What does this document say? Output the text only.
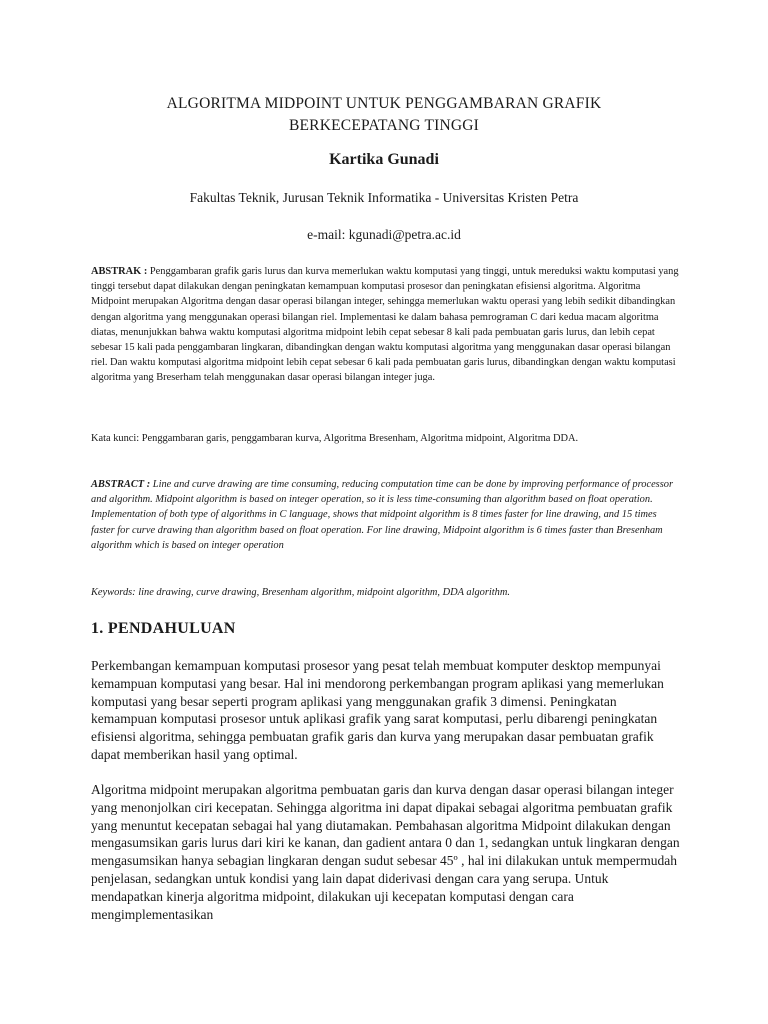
ALGORITMA MIDPOINT UNTUK PENGGAMBARAN GRAFIK
BERKECEPATANG TINGGI
Kartika Gunadi
Fakultas Teknik, Jurusan Teknik Informatika - Universitas Kristen Petra
e-mail: kgunadi@petra.ac.id
ABSTRAK : Penggambaran grafik garis lurus dan kurva memerlukan waktu komputasi yang tinggi, untuk mereduksi waktu komputasi yang tinggi tersebut dapat dilakukan dengan peningkatan kemampuan komputasi prosesor dan peningkatan efisiensi algoritma. Algoritma Midpoint merupakan Algoritma dengan dasar operasi bilangan integer, sehingga memerlukan waktu operasi yang lebih sedikit dibandingkan dengan algoritma yang menggunakan operasi bilangan riel. Implementasi ke dalam bahasa pemrograman C dari kedua macam algoritma diatas, menunjukkan bahwa waktu komputasi algoritma midpoint lebih cepat sebesar 8 kali pada pembuatan garis lurus, dan lebih cepat sebesar 15 kali pada penggambaran lingkaran, dibandingkan dengan waktu komputasi algoritma yang menggunakan dasar operasi bilangan riel. Dan waktu komputasi algoritma midpoint lebih cepat sebesar 6 kali pada pembuatan garis lurus, dibandingkan dengan waktu komputasi algoritma yang Breserham telah menggunakan dasar operasi bilangan integer juga.
Kata kunci: Penggambaran garis, penggambaran kurva, Algoritma Bresenham, Algoritma midpoint, Algoritma DDA.
ABSTRACT : Line and curve drawing are time consuming, reducing computation time can be done by improving performance of processor and algorithm. Midpoint algorithm is based on integer operation, so it is less time-consuming than algorithm based on float operation. Implementation of both type of algorithms in C language, shows that midpoint algorithm is 8 times faster for line drawing, and 15 times faster for curve drawing than algorithm based on float operation. For line drawing, Midpoint algorithm is 6 times faster than Bresenham algorithm which is based on integer operation
Keywords: line drawing, curve drawing, Bresenham algorithm, midpoint algorithm, DDA algorithm.
1. PENDAHULUAN
Perkembangan kemampuan komputasi prosesor yang pesat telah membuat komputer desktop mempunyai kemampuan komputasi yang besar. Hal ini mendorong perkembangan program aplikasi yang memerlukan komputasi yang besar seperti program aplikasi yang menggunakan grafik 3 dimensi. Peningkatan kemampuan komputasi prosesor untuk aplikasi grafik yang sarat komputasi, perlu dibarengi peningkatan efisiensi algoritma, sehingga pembuatan grafik garis dan kurva yang merupakan dasar pembuatan grafik dapat memberikan hasil yang optimal.
Algoritma midpoint merupakan algoritma pembuatan garis dan kurva dengan dasar operasi bilangan integer yang menonjolkan ciri kecepatan. Sehingga algoritma ini dapat dipakai sebagai algoritma pembuatan grafik yang menuntut kecepatan sebagai hal yang diutamakan. Pembahasan algoritma Midpoint dilakukan dengan mengasumsikan garis lurus dari kiri ke kanan, dan gadient antara 0 dan 1, sedangkan untuk lingkaran dengan mengasumsikan hanya sebagian lingkaran dengan sudut sebesar 45º , hal ini dilakukan untuk mempermudah penjelasan, sedangkan untuk kondisi yang lain dapat diderivasi dengan cara yang serupa. Untuk mendapatkan kinerja algoritma midpoint, dilakukan uji kecepatan komputasi dengan cara mengimplementasikan
